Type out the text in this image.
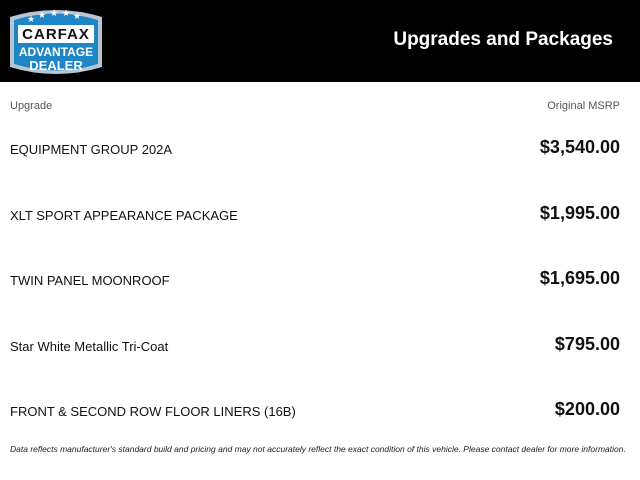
★ ★ ★ ★ ★
CARFAX
ADVANTAGE
DEALER
Upgrades and Packages
Upgrade	Original MSRP
EQUIPMENT GROUP 202A	$3,540.00
XLT SPORT APPEARANCE PACKAGE	$1,995.00
TWIN PANEL MOONROOF	$1,695.00
Star White Metallic Tri-Coat	$795.00
FRONT & SECOND ROW FLOOR LINERS (16B)	$200.00
Data reflects manufacturer's standard build and pricing and may not accurately reflect the exact condition of this vehicle. Please contact dealer for more information.
